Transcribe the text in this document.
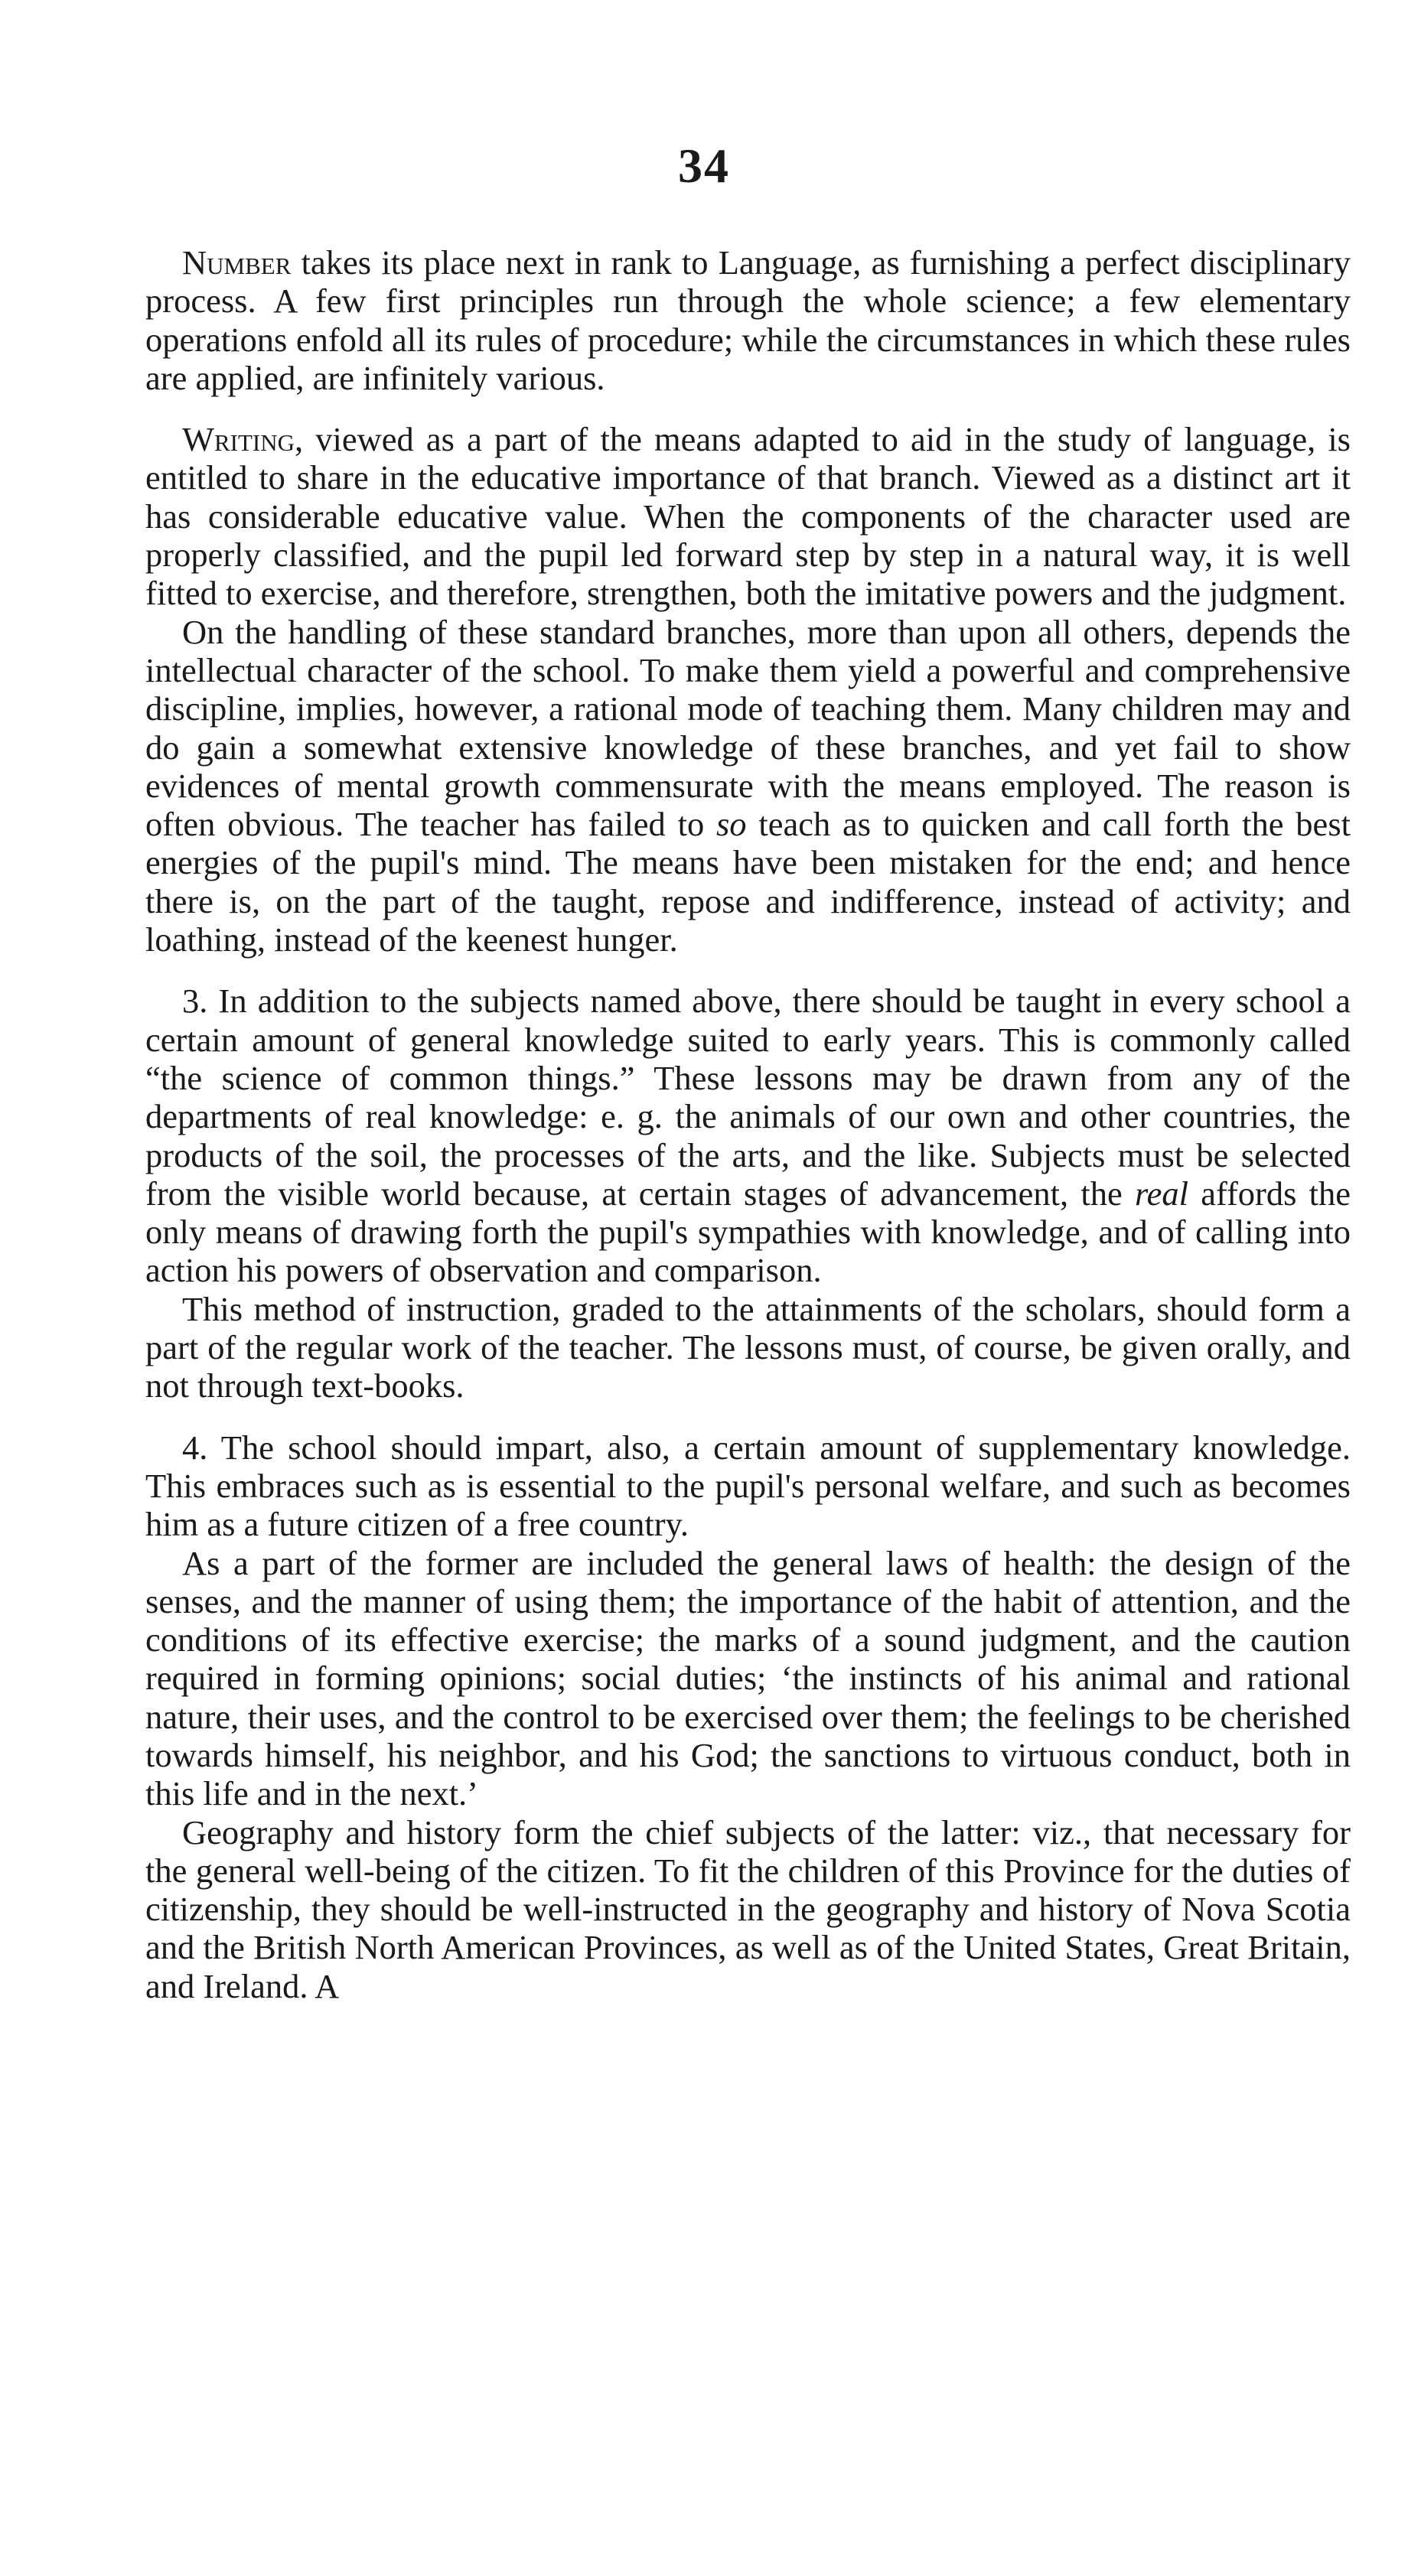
34

Number takes its place next in rank to Language, as furnishing a perfect disciplinary process. A few first principles run through the whole science; a few elementary operations enfold all its rules of procedure; while the circumstances in which these rules are applied, are infinitely various.

Writing, viewed as a part of the means adapted to aid in the study of language, is entitled to share in the educative importance of that branch. Viewed as a distinct art it has considerable educative value. When the components of the character used are properly classified, and the pupil led forward step by step in a natural way, it is well fitted to exercise, and therefore, strengthen, both the imitative powers and the judgment.

On the handling of these standard branches, more than upon all others, depends the intellectual character of the school. To make them yield a powerful and comprehensive discipline, implies, however, a rational mode of teaching them. Many children may and do gain a somewhat extensive knowledge of these branches, and yet fail to show evidences of mental growth commensurate with the means employed. The reason is often obvious. The teacher has failed to so teach as to quicken and call forth the best energies of the pupil's mind. The means have been mistaken for the end; and hence there is, on the part of the taught, repose and indifference, instead of activity; and loathing, instead of the keenest hunger.

3. In addition to the subjects named above, there should be taught in every school a certain amount of general knowledge suited to early years. This is commonly called “the science of common things.” These lessons may be drawn from any of the departments of real knowledge: e. g. the animals of our own and other countries, the products of the soil, the processes of the arts, and the like. Subjects must be selected from the visible world because, at certain stages of advancement, the real affords the only means of drawing forth the pupil's sympathies with knowledge, and of calling into action his powers of observation and comparison.

This method of instruction, graded to the attainments of the scholars, should form a part of the regular work of the teacher. The lessons must, of course, be given orally, and not through text-books.

4. The school should impart, also, a certain amount of supplementary knowledge. This embraces such as is essential to the pupil's personal welfare, and such as becomes him as a future citizen of a free country.

As a part of the former are included the general laws of health: the design of the senses, and the manner of using them; the importance of the habit of attention, and the conditions of its effective exercise; the marks of a sound judgment, and the caution required in forming opinions; social duties; ‘the instincts of his animal and rational nature, their uses, and the control to be exercised over them; the feelings to be cherished towards himself, his neighbor, and his God; the sanctions to virtuous conduct, both in this life and in the next.’

Geography and history form the chief subjects of the latter: viz., that necessary for the general well-being of the citizen. To fit the children of this Province for the duties of citizenship, they should be well-instructed in the geography and history of Nova Scotia and the British North American Provinces, as well as of the United States, Great Britain, and Ireland. A
